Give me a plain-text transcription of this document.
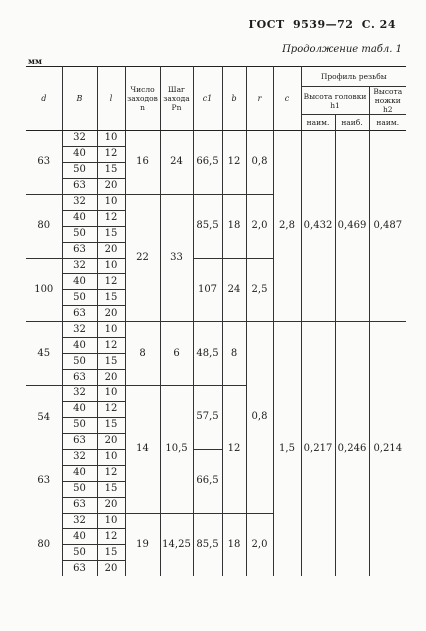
ГОСТ 9539—72 С. 24
Продолжение табл. 1
мм
d	B	l	Число заходов n	Шаг захода Pn	c1	b	r	c	Профиль резьбы		
									Высота головки h1		Высота ножки h2
									наим.	наиб.	наим.
63	32	10	16	24	66,5	12	0,8	2,8	0,432	0,469	0,487
	40	12									
	50	15									
	63	20									
80	32	10	22	33	85,5	18	2,0				
	40	12									
	50	15									
	63	20									
100	32	10			107	24	2,5				
	40	12									
	50	15									
	63	20									
45	32	10	8	6	48,5	8	0,8	1,5	0,217	0,246	0,214
	40	12									
	50	15									
	63	20									
54	32	10	14	10,5	57,5	12					
	40	12									
	50	15									
	63	20									
63	32	10			66,5						
	40	12									
	50	15									
	63	20									
80	32	10	19	14,25	85,5	18	2,0				
	40	12									
	50	15									
	63	20									
